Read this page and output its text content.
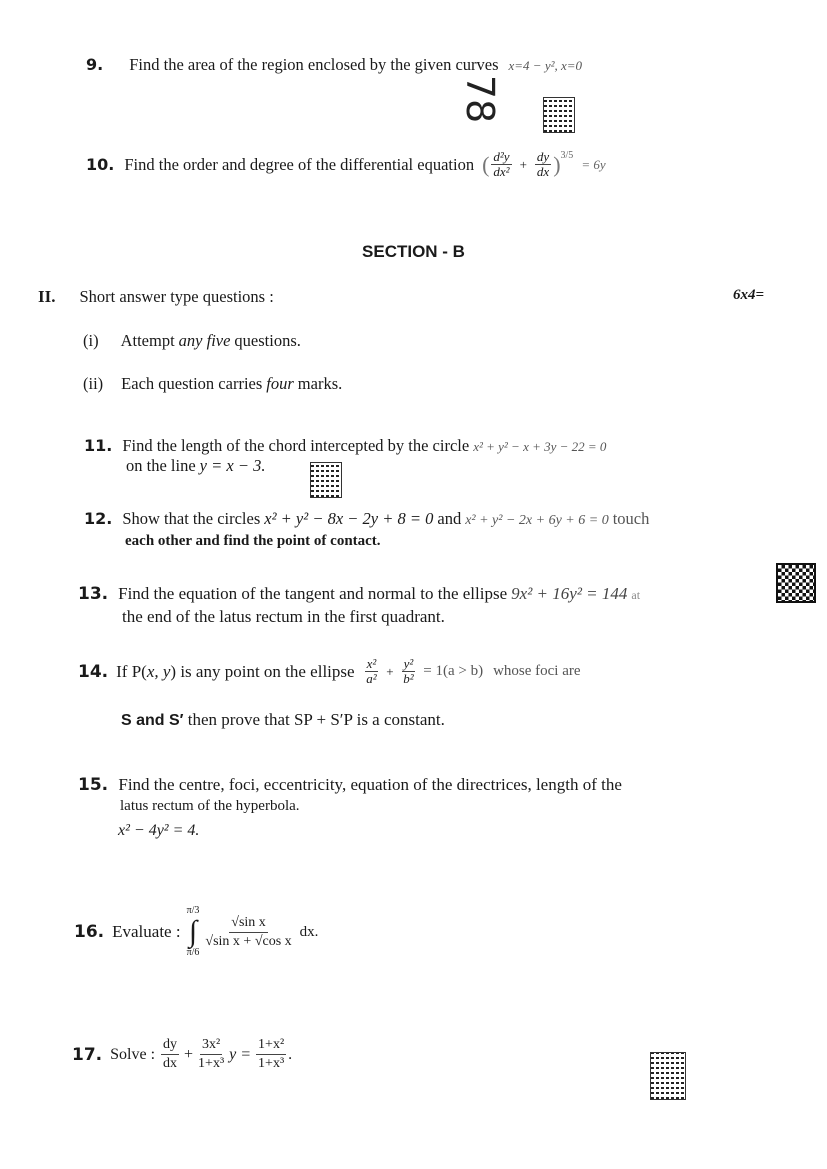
9. Find the area of the region enclosed by the given curves x=4 − y², x=0
78
10. Find the order and degree of the differential equation ( $\frac{\text{d²y}}{\text{dx²}} + \frac{dy}{dx} )^{3/5}$
= 6y
SECTION - B
II. Short answer type questions :	6x4=
(i) Attempt any five questions.
(ii) Each question carries four marks.
11. Find the length of the chord intercepted by the circle x² + y² − x + 3y − 22 = 0
on the line y = x − 3.
12. Show that the circles x² + y² − 8x − 2y + 8 = 0 and x² + y² − 2x + 6y + 6 = 0 touch
each other and find the point of contact.
13. Find the equation of the tangent and normal to the ellipse 9x² + 16y² = 144 at
the end of the latus rectum in the first quadrant.
14. If P( x, y ) is any point on the ellipse $\frac{\text{x²}}{\text{a²}} + \frac{\text{y²}}{\text{b²}} = 1(a > b)$ whose foci are
S and S′ then prove that SP + S′P is a constant.
15. Find the centre, foci, eccentricity, equation of the directrices, length of the
latus rectum of the hyperbola.
x² − 4y² = 4.
16. Evaluate :
π/3
∫
π/6
$\frac{\text{√sin x}}{\text{√sin x + √cos x}}$ dx.
17. Solve : $\frac{dy}{dx} + \frac{\text{3x²}}{\text{1+x³}}$ $y = \frac{\text{1+x²}}{\text{1+x³}}$ .
